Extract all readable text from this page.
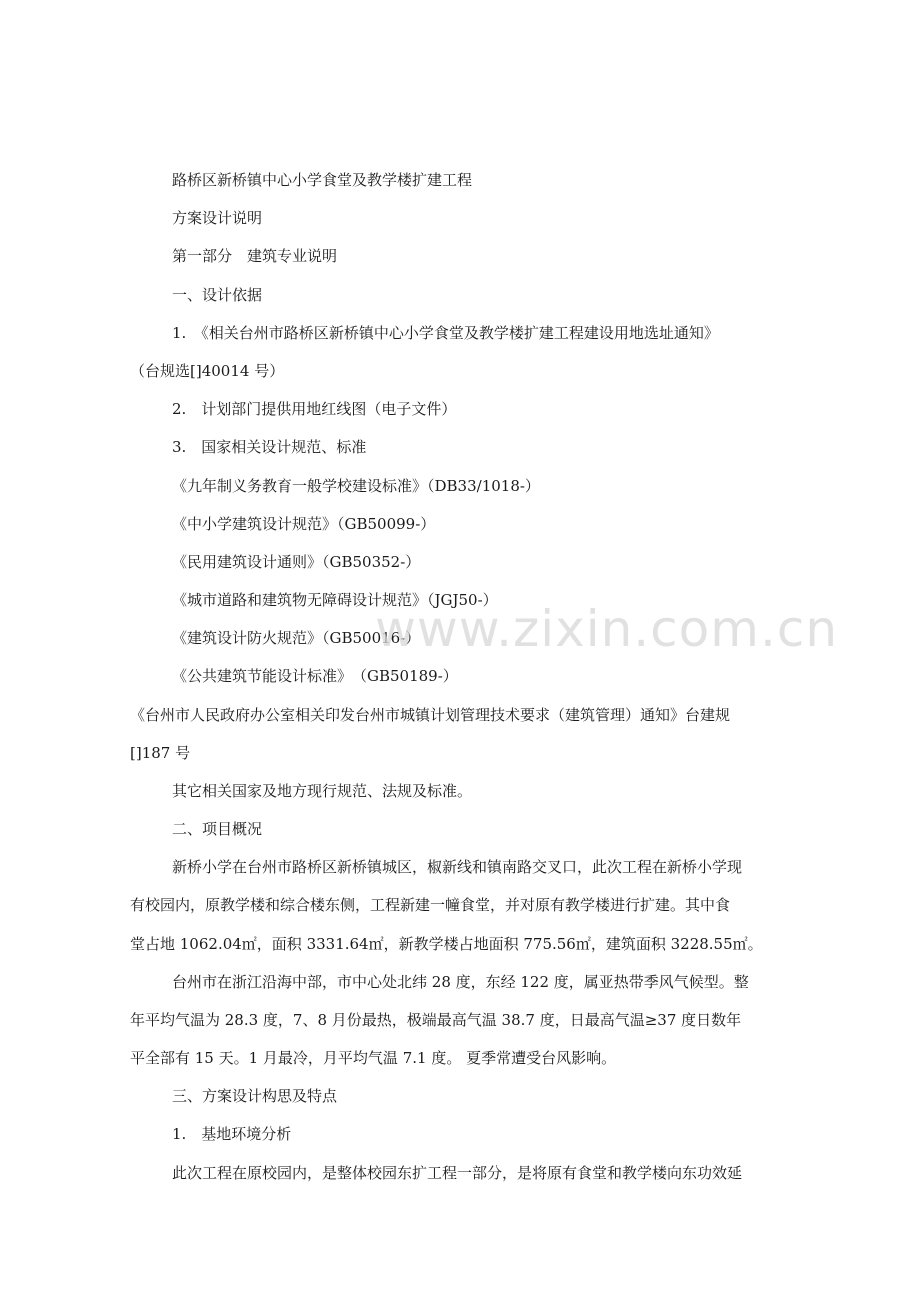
路桥区新桥镇中心小学食堂及教学楼扩建工程
方案设计说明
第一部分　建筑专业说明
一、设计依据
1.　《相关台州市路桥区新桥镇中心小学食堂及教学楼扩建工程建设用地选址通知》
（台规选[]40014 号）
2.　计划部门提供用地红线图（电子文件）
3.　国家相关设计规范、标准
《九年制义务教育一般学校建设标准》（DB33/1018-）
《中小学建筑设计规范》（GB50099-）
《民用建筑设计通则》（GB50352-）
《城市道路和建筑物无障碍设计规范》（JGJ50-）
《建筑设计防火规范》（GB50016-）
《公共建筑节能设计标准》　（GB50189-）
《台州市人民政府办公室相关印发台州市城镇计划管理技术要求（建筑管理）通知》台建规
[]187 号
其它相关国家及地方现行规范、法规及标准。
二、项目概况
新桥小学在台州市路桥区新桥镇城区，椒新线和镇南路交叉口，此次工程在新桥小学现
有校园内，原教学楼和综合楼东侧，工程新建一幢食堂，并对原有教学楼进行扩建。其中食
堂占地 1062.04㎡，面积 3331.64㎡，新教学楼占地面积 775.56㎡，建筑面积 3228.55㎡。
台州市在浙江沿海中部，市中心处北纬 28 度，东经 122 度，属亚热带季风气候型。整
年平均气温为 28.3 度，7、8 月份最热，极端最高气温 38.7 度，日最高气温≥37 度日数年
平全部有 15 天。1 月最冷，月平均气温 7.1 度。 夏季常遭受台风影响。
三、方案设计构思及特点
1.　基地环境分析
此次工程在原校园内，是整体校园东扩工程一部分，是将原有食堂和教学楼向东功效延
www.zixin.com.cn
